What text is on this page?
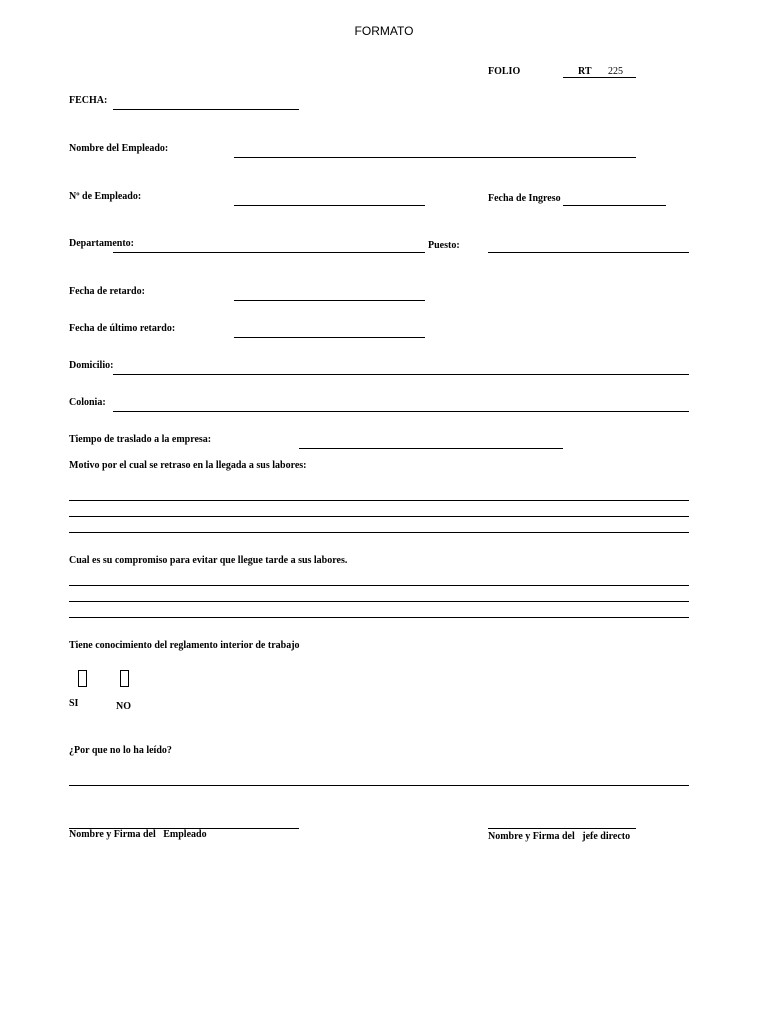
FORMATO
FOLIO	RT 225
FECHA:
Nombre del Empleado:
Nº de Empleado:	Fecha de Ingreso
Departamento:	Puesto:
Fecha de retardo:
Fecha de último retardo:
Domicilio:
Colonia:
Tiempo de traslado a la empresa:
Motivo por el cual se retraso en la llegada a sus labores:
Cual es su compromiso para evitar que llegue tarde a sus labores.
Tiene conocimiento del reglamento interior de trabajo
SI	NO
¿Por que no lo ha leído?
Nombre y Firma del   Empleado	Nombre y Firma del   jefe directo
